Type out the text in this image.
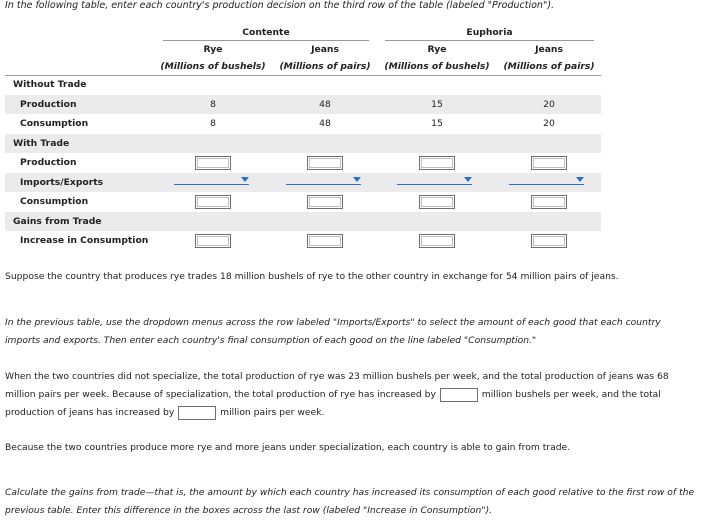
In the following table, enter each country's production decision on the third row of the table (labeled "Production").
Contente	Euphoria
Rye	Jeans	Rye	Jeans
(Millions of bushels)	(Millions of pairs)	(Millions of bushels)	(Millions of pairs)
Without Trade
Production	8	48	15	20
Consumption	8	48	15	20
With Trade
Production
Imports/Exports
Consumption
Gains from Trade
Increase in Consumption
Suppose the country that produces rye trades 18 million bushels of rye to the other country in exchange for 54 million pairs of jeans.
In the previous table, use the dropdown menus across the row labeled "Imports/Exports" to select the amount of each good that each country imports and exports. Then enter each country's final consumption of each good on the line labeled "Consumption."
When the two countries did not specialize, the total production of rye was 23 million bushels per week, and the total production of jeans was 68 million pairs per week. Because of specialization, the total production of rye has increased by	million bushels per week, and the total production of jeans has increased by	million pairs per week.
Because the two countries produce more rye and more jeans under specialization, each country is able to gain from trade.
Calculate the gains from trade—that is, the amount by which each country has increased its consumption of each good relative to the first row of the previous table. Enter this difference in the boxes across the last row (labeled "Increase in Consumption").
